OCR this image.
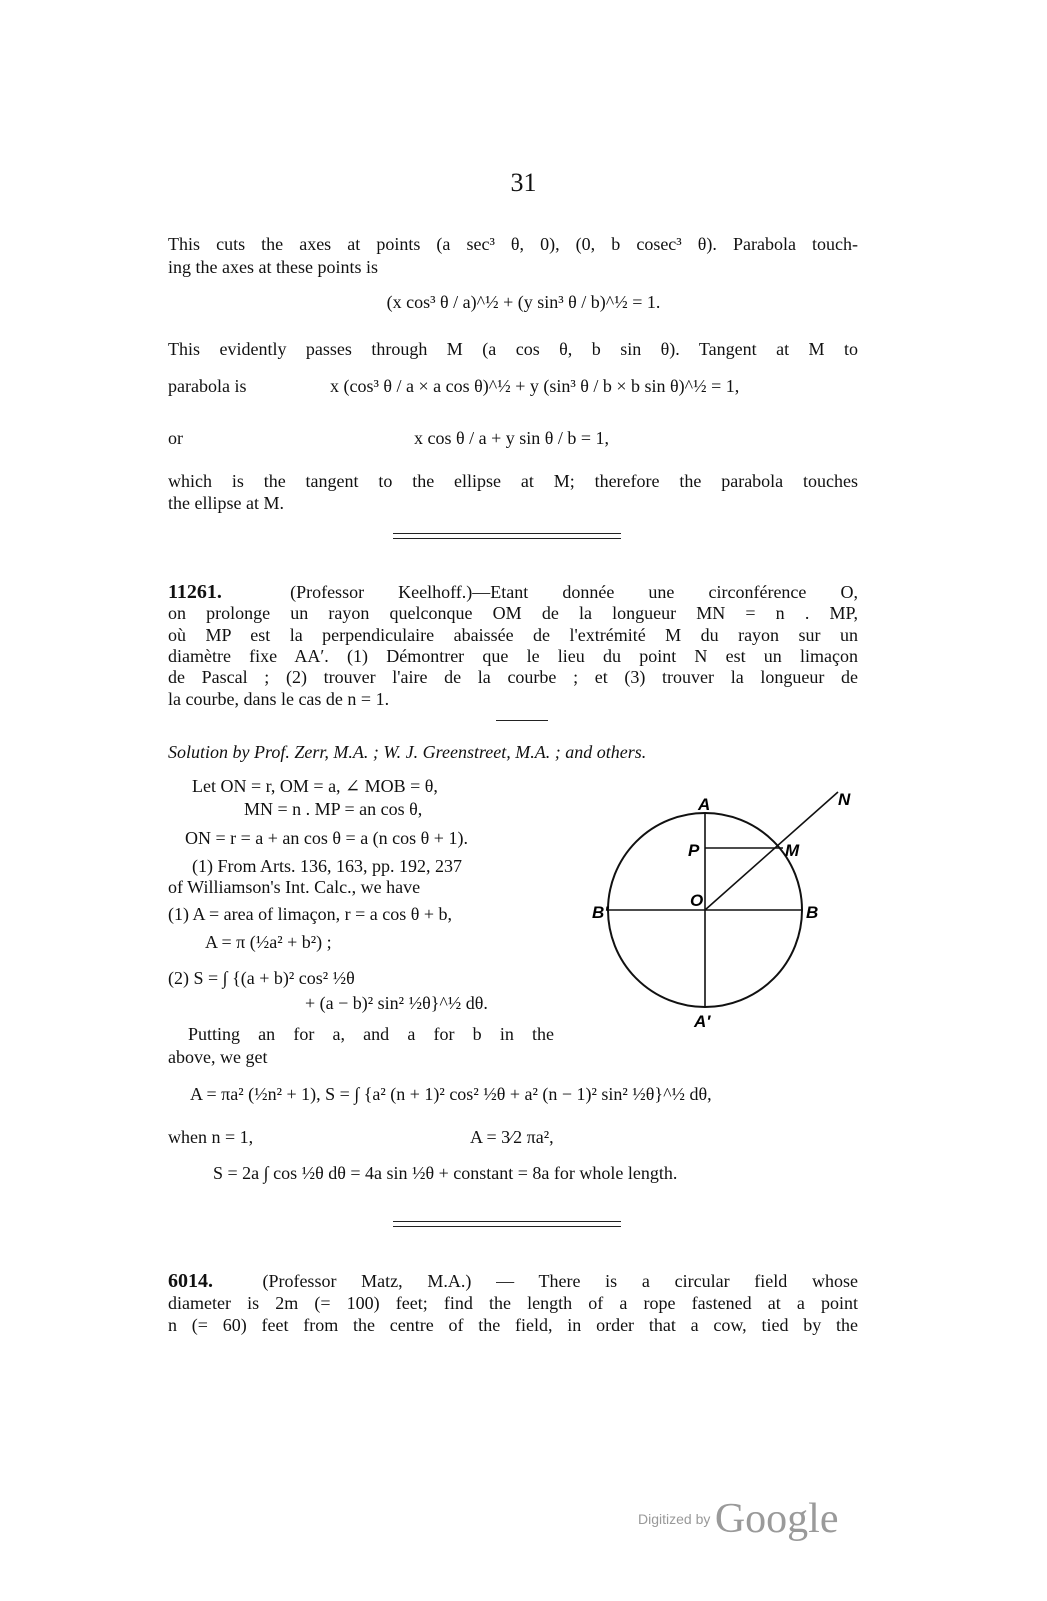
31
This cuts the axes at points (a sec³ θ, 0), (0, b cosec³ θ). Parabola touch-
ing the axes at these points is
(x cos³ θ / a)^½ + (y sin³ θ / b)^½ = 1.
This evidently passes through M (a cos θ, b sin θ). Tangent at M to
parabola is	x (cos³ θ / a × a cos θ)^½ + y (sin³ θ / b × b sin θ)^½ = 1,
or	x cos θ / a + y sin θ / b = 1,
which is the tangent to the ellipse at M; therefore the parabola touches
the ellipse at M.
11261.	(Professor Keelhoff.)—Etant donnée une circonférence O,
on prolonge un rayon quelconque OM de la longueur MN = n . MP,
où MP est la perpendiculaire abaissée de l'extrémité M du rayon sur un
diamètre fixe AA′. (1) Démontrer que le lieu du point N est un limaçon
de Pascal ; (2) trouver l'aire de la courbe ; et (3) trouver la longueur de
la courbe, dans le cas de n = 1.
Solution by Prof. Zerr, M.A. ; W. J. Greenstreet, M.A. ; and others.
Let ON = r, OM = a, ∠ MOB = θ,
MN = n . MP = an cos θ,
ON = r = a + an cos θ = a (n cos θ + 1).
(1) From Arts. 136, 163, pp. 192, 237
of Williamson's Int. Calc., we have
(1) A = area of limaçon, r = a cos θ + b,
A = π (½a² + b²) ;
(2) S = ∫ {(a + b)² cos² ½θ
+ (a − b)² sin² ½θ}^½ dθ.
Putting an for a, and a for b in the
above, we get
A = πa² (½n² + 1), S = ∫ {a² (n + 1)² cos² ½θ + a² (n − 1)² sin² ½θ}^½ dθ,
when n = 1,	A = 3⁄2 πa²,
S = 2a ∫ cos ½θ dθ = 4a sin ½θ + constant = 8a for whole length.
A
A′
B
B′
O
P	M
N
6014.	(Professor Matz, M.A.) — There is a circular field whose
diameter is 2m (= 100) feet; find the length of a rope fastened at a point
n (= 60) feet from the centre of the field, in order that a cow, tied by the
Digitized by Google
